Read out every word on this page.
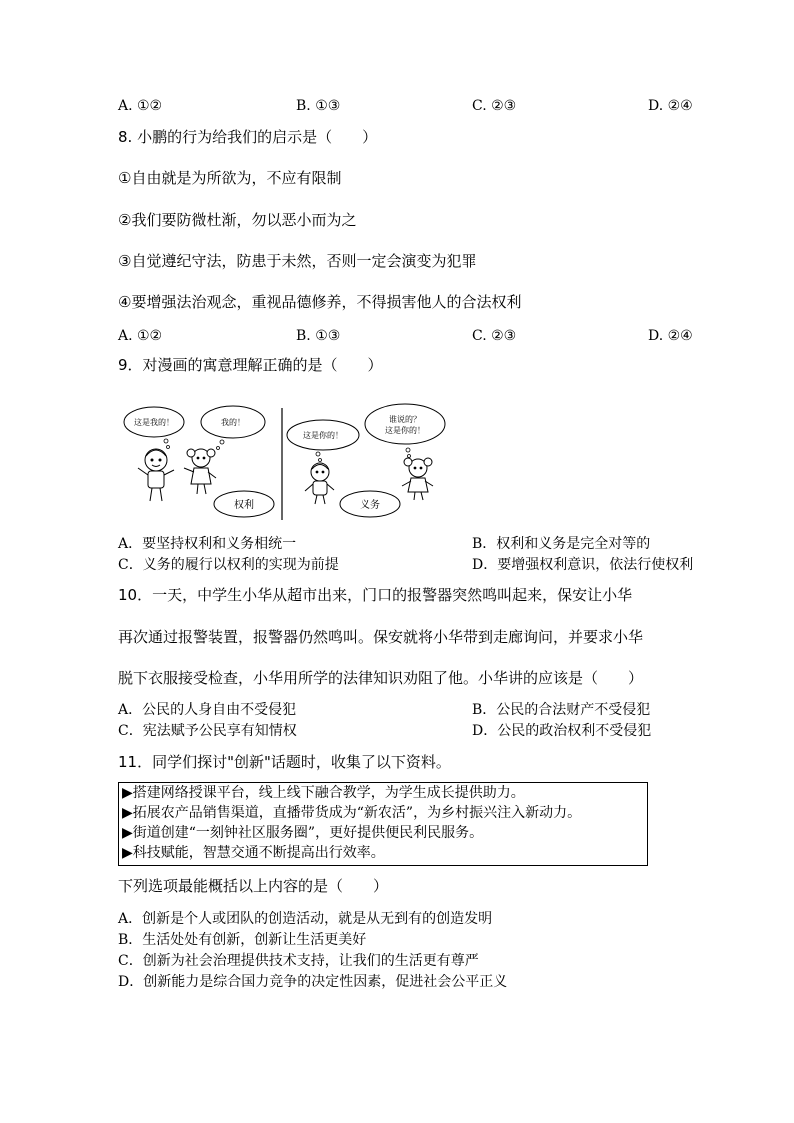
A. ①②	B. ①③	C. ②③	D. ②④
8. 小鹏的行为给我们的启示是（　　）
①自由就是为所欲为，不应有限制
②我们要防微杜渐，勿以恶小而为之
③自觉遵纪守法，防患于未然，否则一定会演变为犯罪
④要增强法治观念，重视品德修养，不得损害他人的合法权利
A. ①②	B. ①③	C. ②③	D. ②④
9．对漫画的寓意理解正确的是（　　）
这是我的！	我的！
权利
这是你的！
谁说的？
这是你的！
义务
A．要坚持权利和义务相统一	B．权利和义务是完全对等的
C．义务的履行以权利的实现为前提	D．要增强权利意识，依法行使权利
10．一天，中学生小华从超市出来，门口的报警器突然鸣叫起来，保安让小华
再次通过报警装置，报警器仍然鸣叫。保安就将小华带到走廊询问，并要求小华
脱下衣服接受检查，小华用所学的法律知识劝阻了他。小华讲的应该是（　　）
A．公民的人身自由不受侵犯	B．公民的合法财产不受侵犯
C．宪法赋予公民享有知情权	D．公民的政治权利不受侵犯
11．同学们探讨"创新"话题时，收集了以下资料。
▶搭建网络授课平台，线上线下融合教学，为学生成长提供助力。
▶拓展农产品销售渠道，直播带货成为“新农活”，为乡村振兴注入新动力。
▶街道创建“一刻钟社区服务圈”，更好提供便民利民服务。
▶科技赋能，智慧交通不断提高出行效率。
下列选项最能概括以上内容的是（　　）
A．创新是个人或团队的创造活动，就是从无到有的创造发明
B．生活处处有创新，创新让生活更美好
C．创新为社会治理提供技术支持，让我们的生活更有尊严
D．创新能力是综合国力竞争的决定性因素，促进社会公平正义
